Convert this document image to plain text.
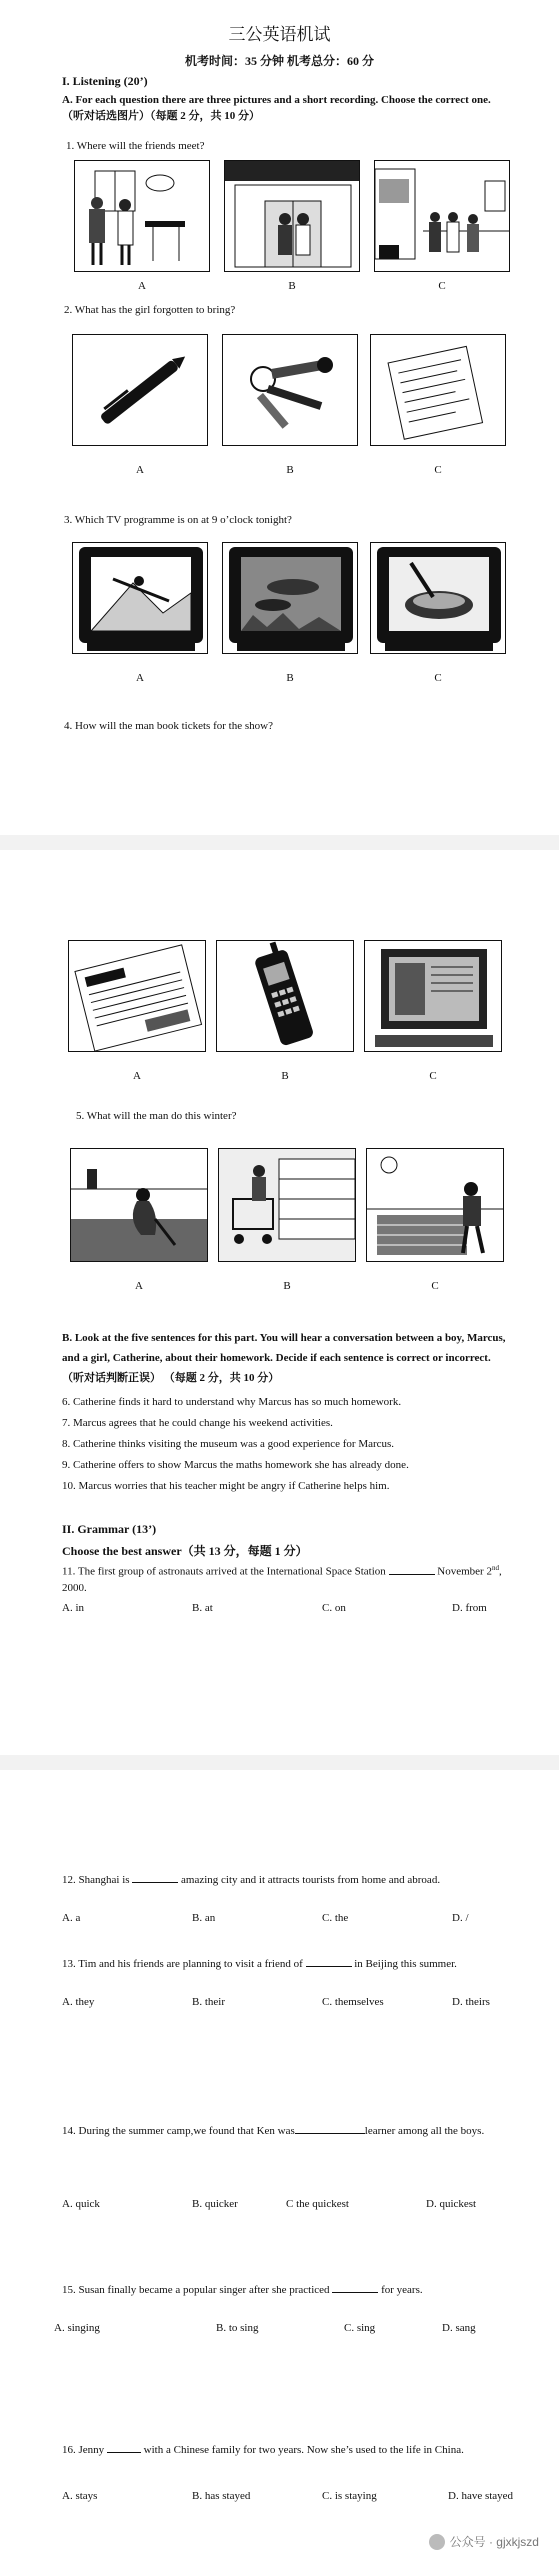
三公英语机试
机考时间：35 分钟 机考总分：60 分
I. Listening (20’)
A. For each question there are three pictures and a short recording. Choose the correct one.（听对话选图片）（每题 2 分，共 10 分）
1. Where will the friends meet?
A	B	C
2. What has the girl forgotten to bring?
A	B	C
3. Which TV programme is on at 9 o’clock tonight?
A	B	C
4. How will the man book tickets for the show?
A	B	C
5. What will the man do this winter?
A	B	C
B. Look at the five sentences for this part. You will hear a conversation between a boy, Marcus, and a girl, Catherine, about their homework. Decide if each sentence is correct or incorrect.（听对话判断正误） （每题 2 分，共 10 分）
6. Catherine finds it hard to understand why Marcus has so much homework.
7. Marcus agrees that he could change his weekend activities.
8. Catherine thinks visiting the museum was a good experience for Marcus.
9. Catherine offers to show Marcus the maths homework she has already done.
10. Marcus worries that his teacher might be angry if Catherine helps him.
II. Grammar (13’)
Choose the best answer（共 13 分，每题 1 分）
11. The first group of astronauts arrived at the International Space Station	November 2nd, 2000.
A. in	B. at	C. on	D. from
12. Shanghai is	amazing city and it attracts tourists from home and abroad.
A. a	B. an	C. the	D. /
13. Tim and his friends are planning to visit a friend of	in Beijing this summer.
A. they	B. their	C. themselves	D. theirs
14. During the summer camp,we found that Ken was	learner among all the boys.
A. quick	B. quicker	C the quickest	D. quickest
15. Susan finally became a popular singer after she practiced	for years.
A. singing	B. to sing	C. sing	D. sang
16. Jenny	with a Chinese family for two years. Now she’s used to the life in China.
A. stays	B. has stayed	C. is staying	D. have stayed
公众号 · gjxkjszd
